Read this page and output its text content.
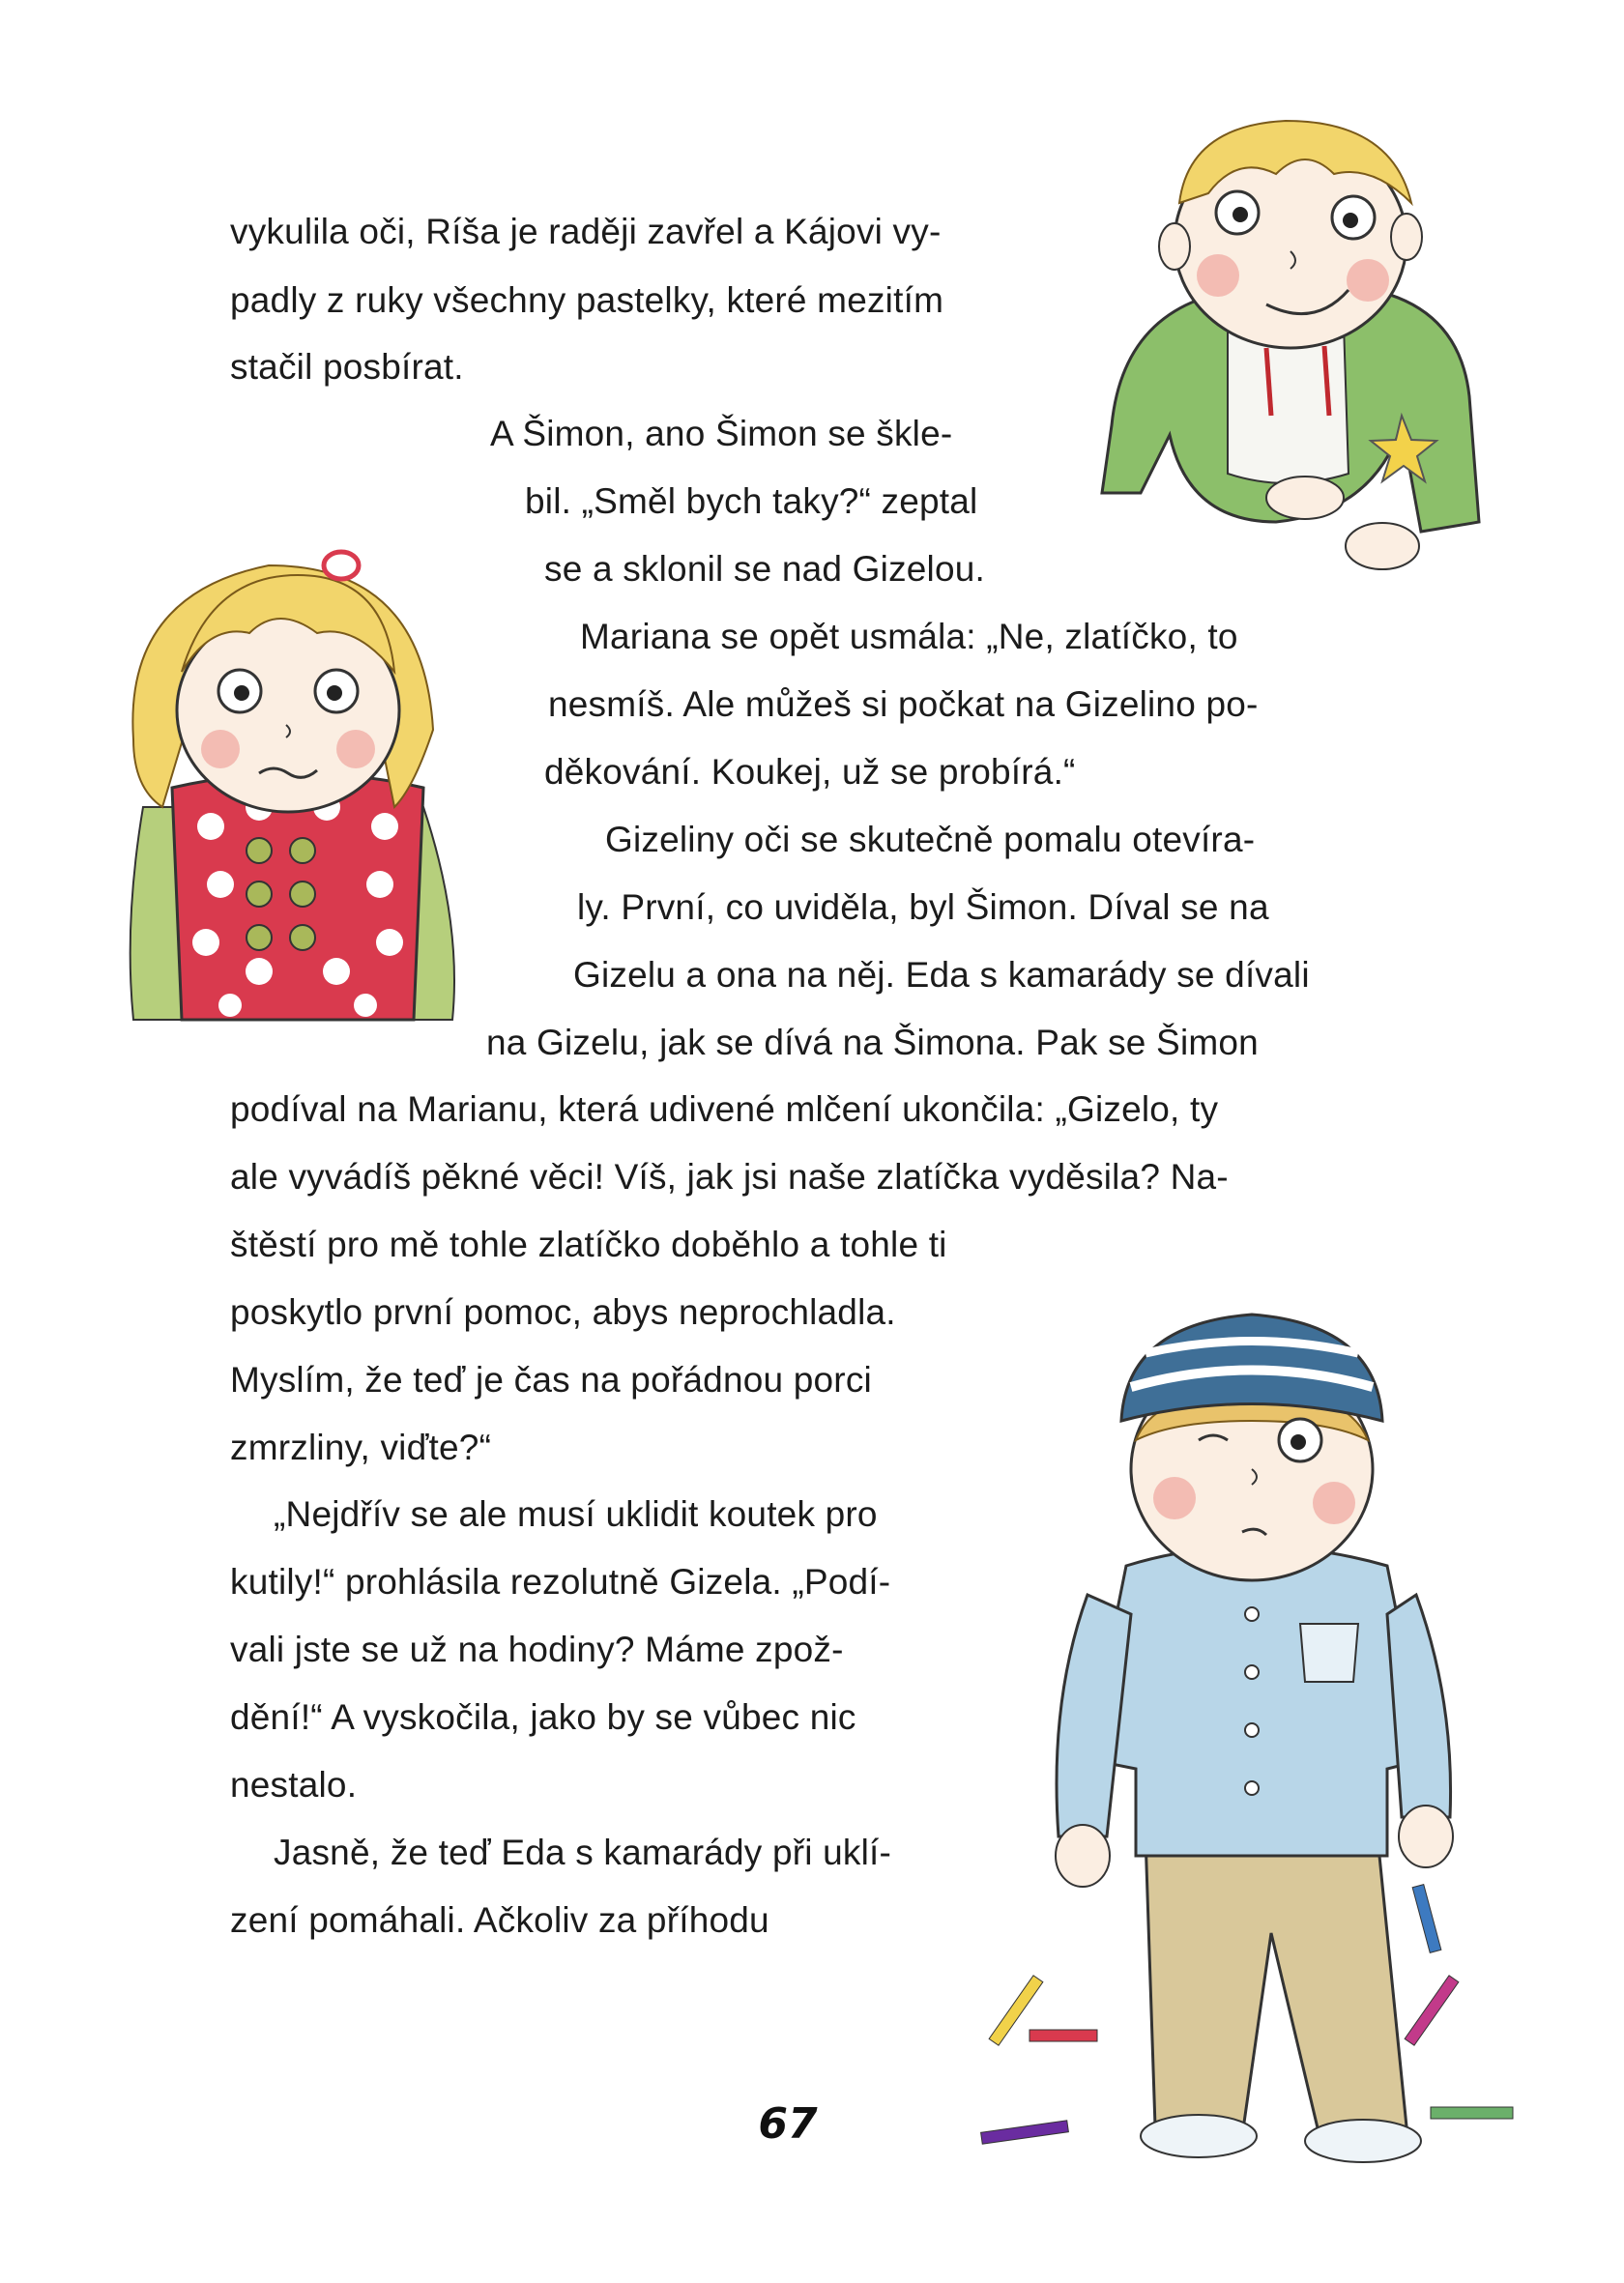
vykulila oči, Ríša je raději zavřel a Kájovi vy-
padly z ruky všechny pastelky, které mezitím
stačil posbírat.
A Šimon, ano Šimon se škle-
bil. „Směl bych taky?“ zeptal
se a sklonil se nad Gizelou.
Mariana se opět usmála: „Ne, zlatíčko, to
nesmíš. Ale můžeš si počkat na Gizelino po-
děkování. Koukej, už se probírá.“
Gizeliny oči se skutečně pomalu otevíra-
ly. První, co uviděla, byl Šimon. Díval se na
Gizelu a ona na něj. Eda s kamarády se dívali
na Gizelu, jak se dívá na Šimona. Pak se Šimon
podíval na Marianu, která udivené mlčení ukončila: „Gizelo, ty
ale vyvádíš pěkné věci! Víš, jak jsi naše zlatíčka vyděsila? Na-
štěstí pro mě tohle zlatíčko doběhlo a tohle ti
poskytlo první pomoc, abys neprochladla.
Myslím, že teď je čas na pořádnou porci
zmrzliny, viďte?“
„Nejdřív se ale musí uklidit koutek pro
kutily!“ prohlásila rezolutně Gizela. „Podí-
vali jste se už na hodiny? Máme zpož-
dění!“ A vyskočila, jako by se vůbec nic
nestalo.
Jasně, že teď Eda s kamarády při uklí-
zení pomáhali. Ačkoliv za příhodu
67
